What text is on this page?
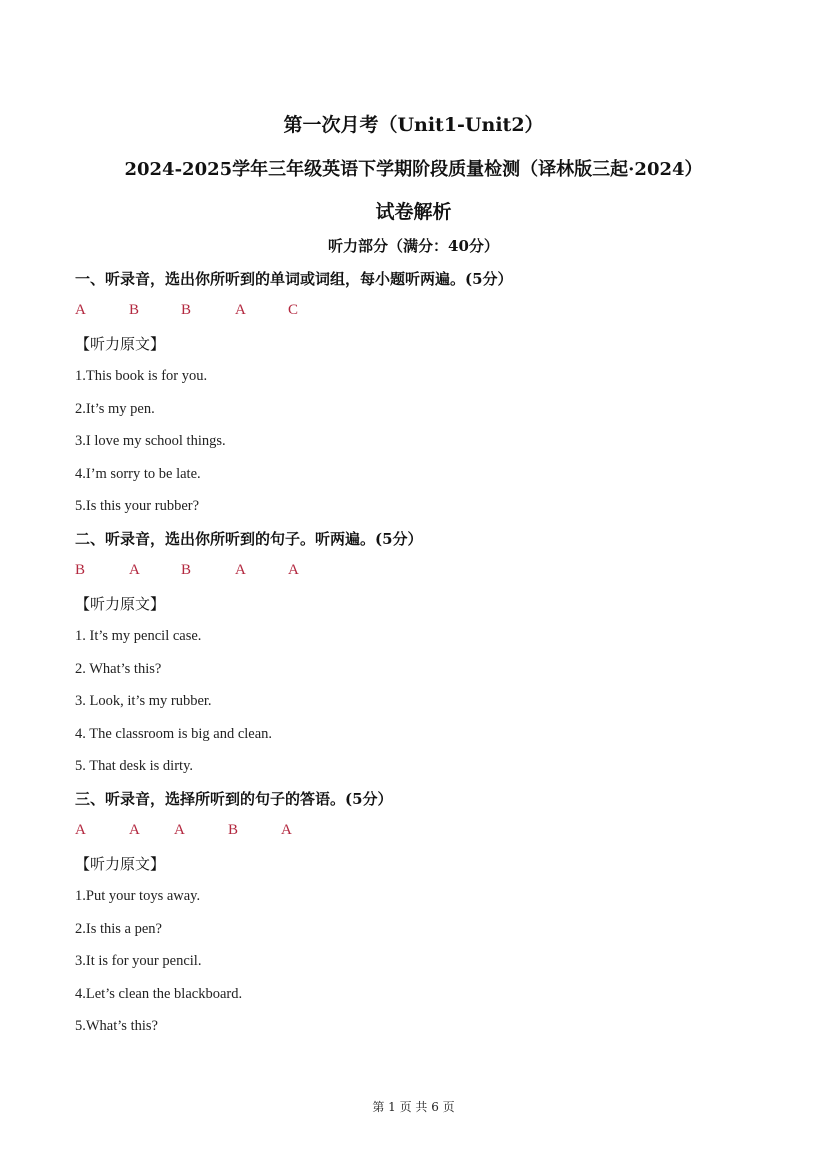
第一次月考（Unit1-Unit2）
2024-2025学年三年级英语下学期阶段质量检测（译林版三起·2024）
试卷解析
听力部分（满分：40分）
一、听录音，选出你所听到的单词或词组，每小题听两遍。(5分）
A	B	B	A	C
【听力原文】
1.This book is for you.
2.It’s my pen.
3.I love my school things.
4.I’m sorry to be late.
5.Is this your rubber?
二、听录音，选出你所听到的句子。听两遍。(5分）
B	A	B	A	A
【听力原文】
1. It’s my pencil case.
2. What’s this?
3. Look, it’s my rubber.
4. The classroom is big and clean.
5. That desk is dirty.
三、听录音，选择所听到的句子的答语。(5分）
A	A A	B	A
【听力原文】
1.Put your toys away.
2.Is this a pen?
3.It is for your pencil.
4.Let’s clean the blackboard.
5.What’s this?
第 1 页 共 6 页
